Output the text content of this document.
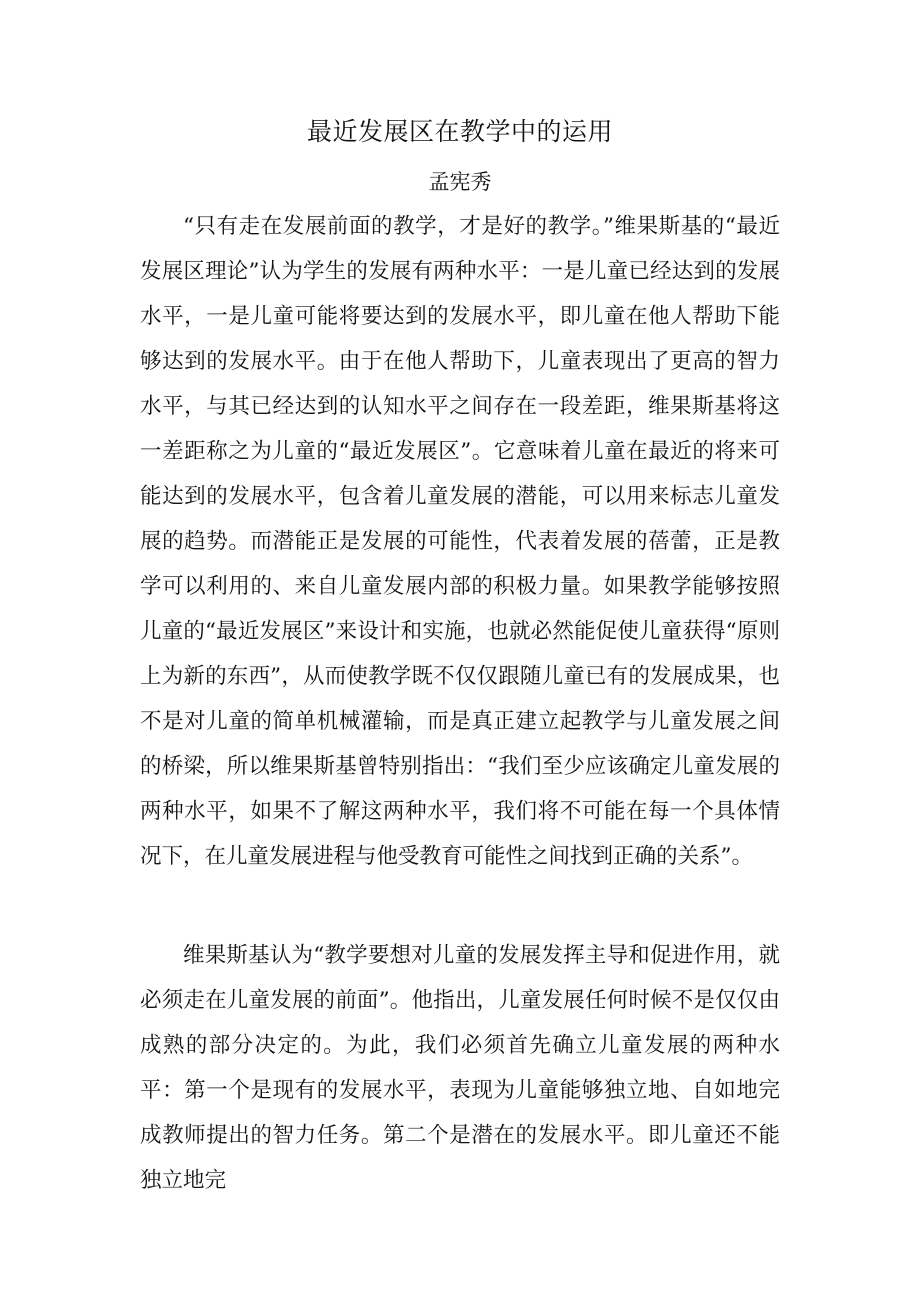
最近发展区在教学中的运用
孟宪秀

“只有走在发展前面的教学，才是好的教学。”维果斯基的“最近发展区理论”认为学生的发展有两种水平：一是儿童已经达到的发展水平，一是儿童可能将要达到的发展水平，即儿童在他人帮助下能够达到的发展水平。由于在他人帮助下，儿童表现出了更高的智力水平，与其已经达到的认知水平之间存在一段差距，维果斯基将这一差距称之为儿童的“最近发展区”。它意味着儿童在最近的将来可能达到的发展水平，包含着儿童发展的潜能，可以用来标志儿童发展的趋势。而潜能正是发展的可能性，代表着发展的蓓蕾，正是教学可以利用的、来自儿童发展内部的积极力量。如果教学能够按照儿童的“最近发展区”来设计和实施，也就必然能促使儿童获得“原则上为新的东西”，从而使教学既不仅仅跟随儿童已有的发展成果，也不是对儿童的简单机械灌输，而是真正建立起教学与儿童发展之间的桥梁，所以维果斯基曾特别指出：“我们至少应该确定儿童发展的两种水平，如果不了解这两种水平，我们将不可能在每一个具体情况下，在儿童发展进程与他受教育可能性之间找到正确的关系”。

维果斯基认为“教学要想对儿童的发展发挥主导和促进作用，就必须走在儿童发展的前面”。他指出，儿童发展任何时候不是仅仅由成熟的部分决定的。为此，我们必须首先确立儿童发展的两种水平：第一个是现有的发展水平，表现为儿童能够独立地、自如地完成教师提出的智力任务。第二个是潜在的发展水平。即儿童还不能独立地完
